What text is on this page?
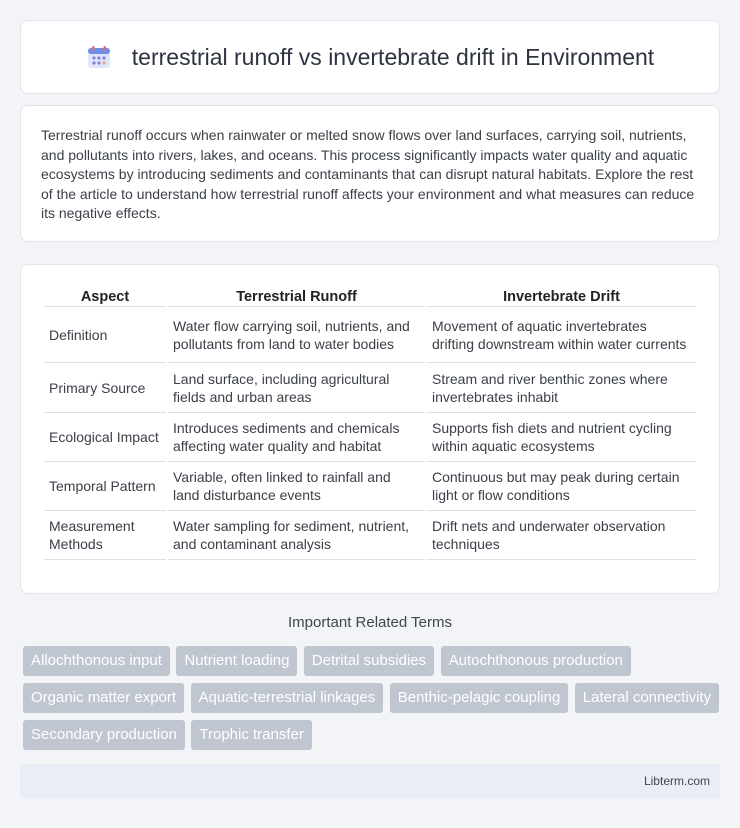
terrestrial runoff vs invertebrate drift in Environment

Terrestrial runoff occurs when rainwater or melted snow flows over land surfaces, carrying soil, nutrients, and pollutants into rivers, lakes, and oceans. This process significantly impacts water quality and aquatic ecosystems by introducing sediments and contaminants that can disrupt natural habitats. Explore the rest of the article to understand how terrestrial runoff affects your environment and what measures can reduce its negative effects.

Aspect	Terrestrial Runoff	Invertebrate Drift
Definition	Water flow carrying soil, nutrients, and pollutants from land to water bodies	Movement of aquatic invertebrates drifting downstream within water currents
Primary Source	Land surface, including agricultural fields and urban areas	Stream and river benthic zones where invertebrates inhabit
Ecological Impact	Introduces sediments and chemicals affecting water quality and habitat	Supports fish diets and nutrient cycling within aquatic ecosystems
Temporal Pattern	Variable, often linked to rainfall and land disturbance events	Continuous but may peak during certain light or flow conditions
Measurement Methods	Water sampling for sediment, nutrient, and contaminant analysis	Drift nets and underwater observation techniques
Important Related Terms
Allochthonous input Nutrient loading Detrital subsidies Autochthonous production Organic matter export Aquatic-terrestrial linkages Benthic-pelagic coupling Lateral connectivity Secondary production Trophic transfer
Libterm.com
